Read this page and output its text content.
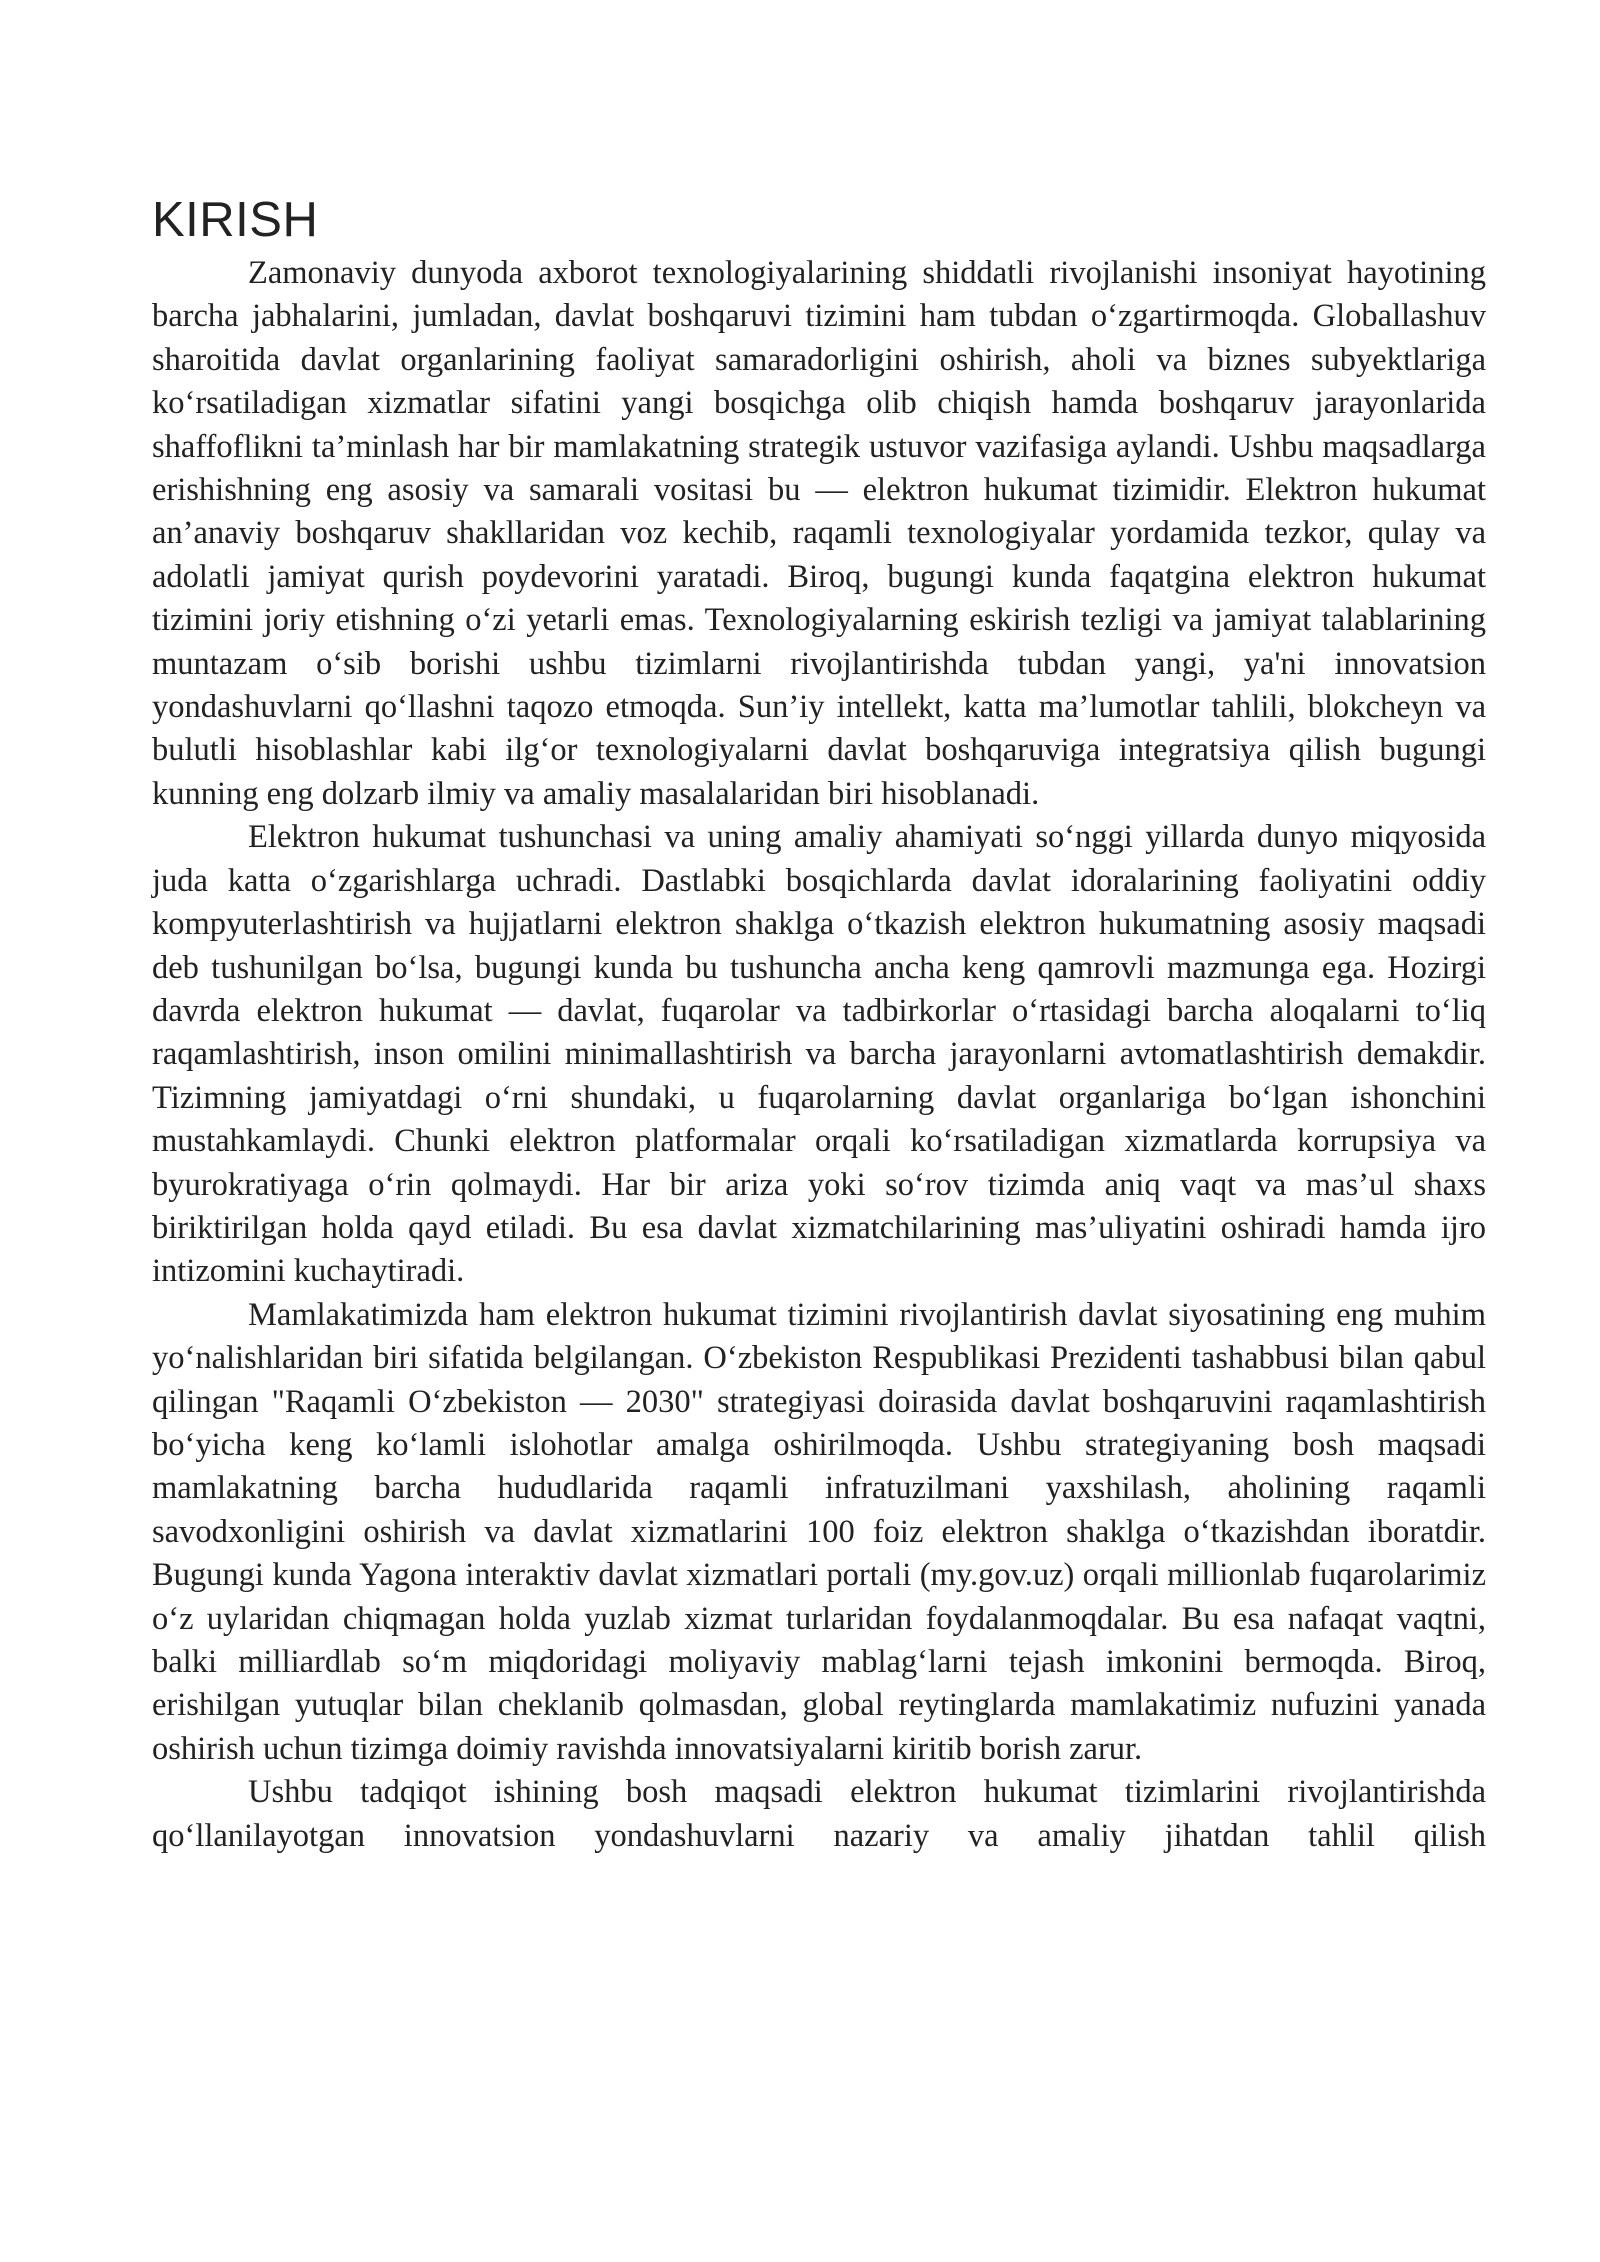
KIRISH

Zamonaviy dunyoda axborot texnologiyalarining shiddatli rivojlanishi insoniyat hayotining barcha jabhalarini, jumladan, davlat boshqaruvi tizimini ham tubdan o‘zgartirmoqda. Globallashuv sharoitida davlat organlarining faoliyat samaradorligini oshirish, aholi va biznes subyektlariga ko‘rsatiladigan xizmatlar sifatini yangi bosqichga olib chiqish hamda boshqaruv jarayonlarida shaffoflikni ta’minlash har bir mamlakatning strategik ustuvor vazifasiga aylandi. Ushbu maqsadlarga erishishning eng asosiy va samarali vositasi bu — elektron hukumat tizimidir. Elektron hukumat an’anaviy boshqaruv shakllaridan voz kechib, raqamli texnologiyalar yordamida tezkor, qulay va adolatli jamiyat qurish poydevorini yaratadi. Biroq, bugungi kunda faqatgina elektron hukumat tizimini joriy etishning o‘zi yetarli emas. Texnologiyalarning eskirish tezligi va jamiyat talablarining muntazam o‘sib borishi ushbu tizimlarni rivojlantirishda tubdan yangi, ya'ni innovatsion yondashuvlarni qo‘llashni taqozo etmoqda. Sun’iy intellekt, katta ma’lumotlar tahlili, blokcheyn va bulutli hisoblashlar kabi ilg‘or texnologiyalarni davlat boshqaruviga integratsiya qilish bugungi kunning eng dolzarb ilmiy va amaliy masalalaridan biri hisoblanadi.

Elektron hukumat tushunchasi va uning amaliy ahamiyati so‘nggi yillarda dunyo miqyosida juda katta o‘zgarishlarga uchradi. Dastlabki bosqichlarda davlat idoralarining faoliyatini oddiy kompyuterlashtirish va hujjatlarni elektron shaklga o‘tkazish elektron hukumatning asosiy maqsadi deb tushunilgan bo‘lsa, bugungi kunda bu tushuncha ancha keng qamrovli mazmunga ega. Hozirgi davrda elektron hukumat — davlat, fuqarolar va tadbirkorlar o‘rtasidagi barcha aloqalarni to‘liq raqamlashtirish, inson omilini minimallashtirish va barcha jarayonlarni avtomatlashtirish demakdir. Tizimning jamiyatdagi o‘rni shundaki, u fuqarolarning davlat organlariga bo‘lgan ishonchini mustahkamlaydi. Chunki elektron platformalar orqali ko‘rsatiladigan xizmatlarda korrupsiya va byurokratiyaga o‘rin qolmaydi. Har bir ariza yoki so‘rov tizimda aniq vaqt va mas’ul shaxs biriktirilgan holda qayd etiladi. Bu esa davlat xizmatchilarining mas’uliyatini oshiradi hamda ijro intizomini kuchaytiradi.

Mamlakatimizda ham elektron hukumat tizimini rivojlantirish davlat siyosatining eng muhim yo‘nalishlaridan biri sifatida belgilangan. O‘zbekiston Respublikasi Prezidenti tashabbusi bilan qabul qilingan "Raqamli O‘zbekiston — 2030" strategiyasi doirasida davlat boshqaruvini raqamlashtirish bo‘yicha keng ko‘lamli islohotlar amalga oshirilmoqda. Ushbu strategiyaning bosh maqsadi mamlakatning barcha hududlarida raqamli infratuzilmani yaxshilash, aholining raqamli savodxonligini oshirish va davlat xizmatlarini 100 foiz elektron shaklga o‘tkazishdan iboratdir. Bugungi kunda Yagona interaktiv davlat xizmatlari portali (my.gov.uz) orqali millionlab fuqarolarimiz o‘z uylaridan chiqmagan holda yuzlab xizmat turlaridan foydalanmoqdalar. Bu esa nafaqat vaqtni, balki milliardlab so‘m miqdoridagi moliyaviy mablag‘larni tejash imkonini bermoqda. Biroq, erishilgan yutuqlar bilan cheklanib qolmasdan, global reytinglarda mamlakatimiz nufuzini yanada oshirish uchun tizimga doimiy ravishda innovatsiyalarni kiritib borish zarur.

Ushbu tadqiqot ishining bosh maqsadi elektron hukumat tizimlarini rivojlantirishda qo‘llanilayotgan innovatsion yondashuvlarni nazariy va amaliy jihatdan tahlil qilish
